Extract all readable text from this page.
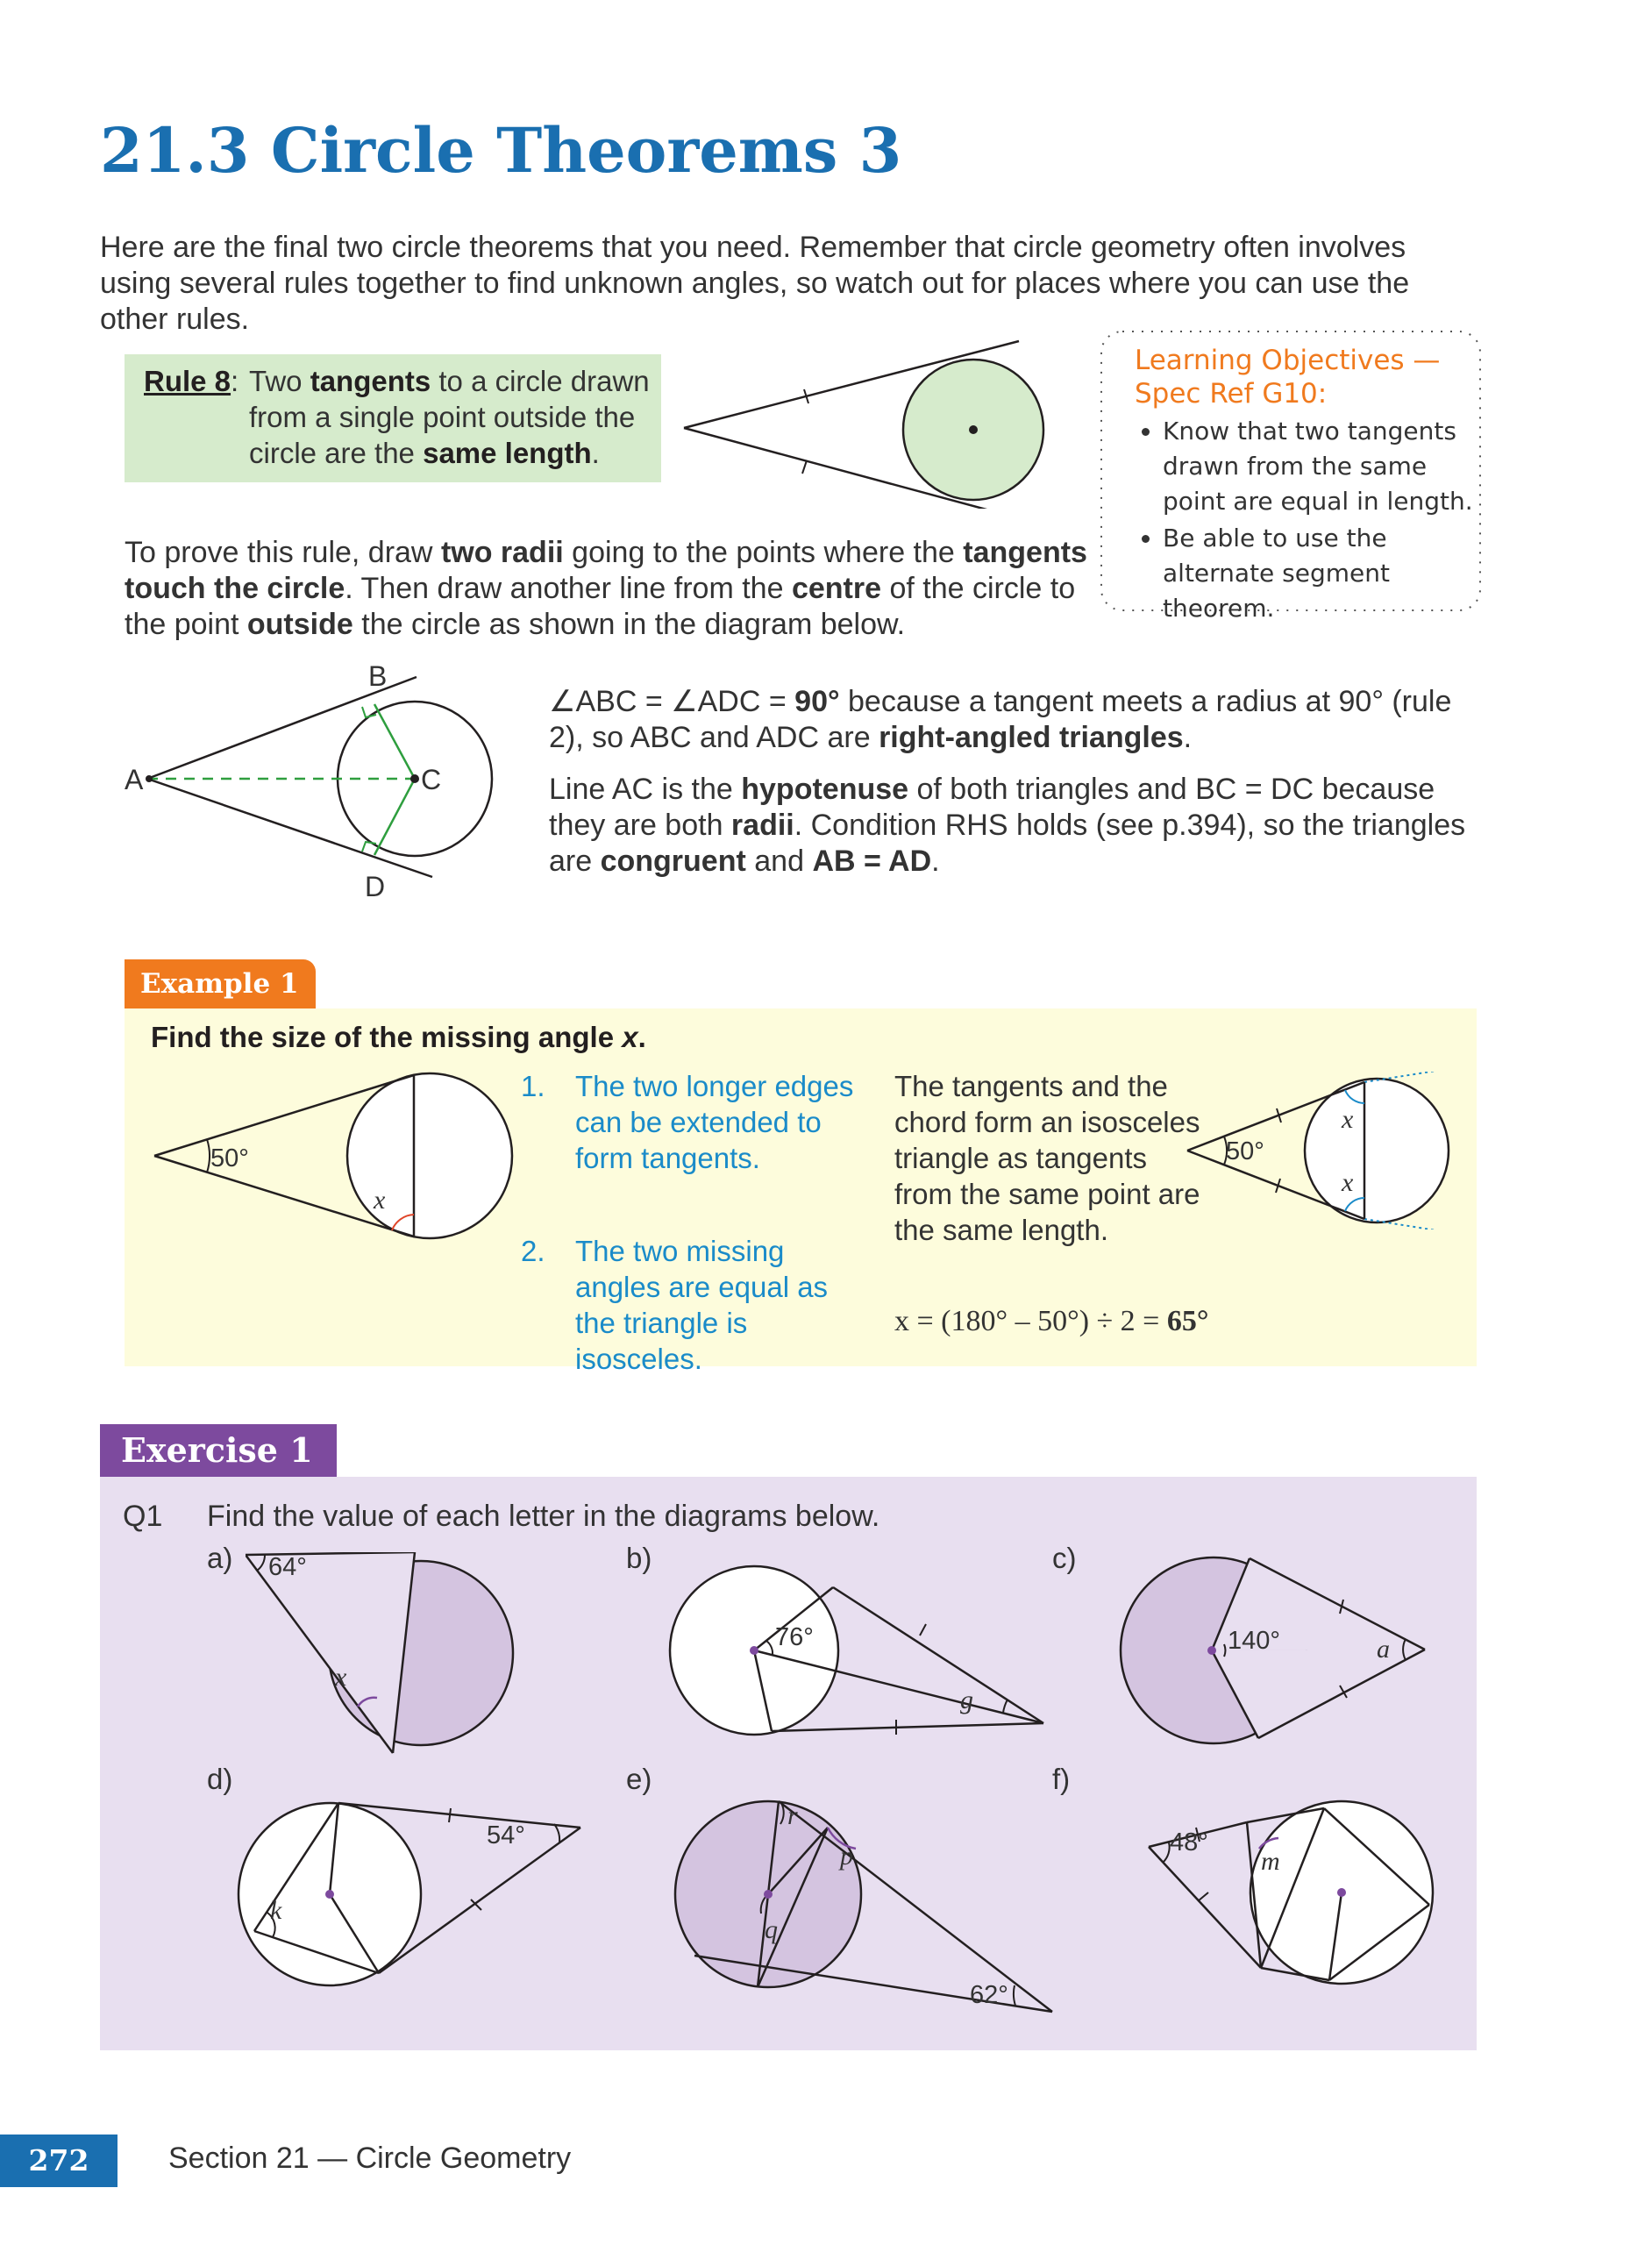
21.3 Circle Theorems 3
Here are the final two circle theorems that you need. Remember that circle geometry often involves using several rules together to find unknown angles, so watch out for places where you can use the other rules.
Rule 8: Two tangents to a circle drawn from a single point outside the circle are the same length.
Learning Objectives —
Spec Ref G10:
• Know that two tangents drawn from the same point are equal in length.
• Be able to use the alternate segment theorem.
To prove this rule, draw two radii going to the points where the tangents touch the circle. Then draw another line from the centre of the circle to the point outside the circle as shown in the diagram below.
A
B
C
D

∠ABC = ∠ADC = 90° because a tangent meets a radius at 90° (rule 2), so ABC and ADC are right-angled triangles.

Line AC is the hypotenuse of both triangles and BC = DC because they are both radii. Condition RHS holds (see p.394), so the triangles are congruent and AB = AD.

Example 1
Find the size of the missing angle x.
50°
x
1. The two longer edges can be extended to form tangents.
2. The two missing angles are equal as the triangle is isosceles.
The tangents and the chord form an isosceles triangle as tangents from the same point are the same length.
50°
x
x
x = (180° – 50°) ÷ 2 = 65°
Exercise 1
Q1 Find the value of each letter in the diagrams below.
a)	b)	c)
d)	e)	f)
64°
x
76°
g
140°	a
54°
k
62°
r
p
q
48°
m
272	Section 21 — Circle Geometry
